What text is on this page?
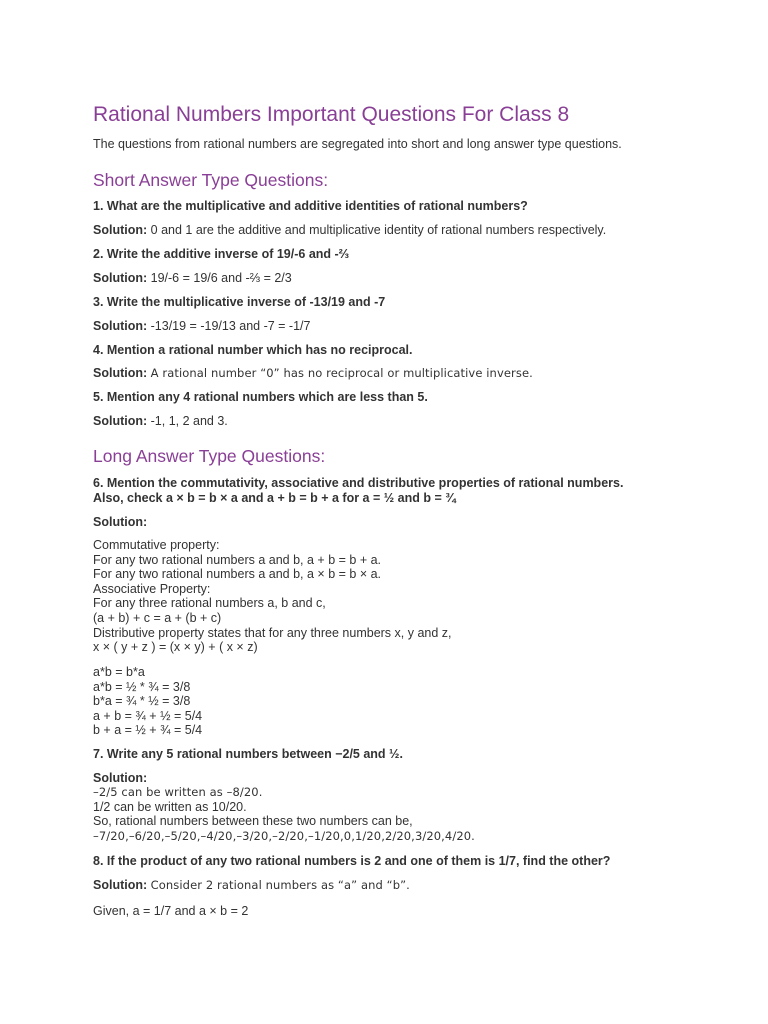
Rational Numbers Important Questions For Class 8
The questions from rational numbers are segregated into short and long answer type questions.
Short Answer Type Questions:
1. What are the multiplicative and additive identities of rational numbers?
Solution: 0 and 1 are the additive and multiplicative identity of rational numbers respectively.
2. Write the additive inverse of 19/-6 and -⅔
Solution: 19/-6 = 19/6 and -⅔ = 2/3
3. Write the multiplicative inverse of -13/19 and -7
Solution: -13/19 = -19/13 and -7 = -1/7
4. Mention a rational number which has no reciprocal.
Solution: A rational number “0” has no reciprocal or multiplicative inverse.
5. Mention any 4 rational numbers which are less than 5.
Solution: -1, 1, 2 and 3.
Long Answer Type Questions:
6. Mention the commutativity, associative and distributive properties of rational numbers.
Also, check a × b = b × a and a + b = b + a for a = ½ and b = ¾
Solution:
Commutative property:
For any two rational numbers a and b, a + b = b + a.
For any two rational numbers a and b, a × b = b × a.
Associative Property:
For any three rational numbers a, b and c,
(a + b) + c = a + (b + c)
Distributive property states that for any three numbers x, y and z,
x × ( y + z ) = (x × y) + ( x × z)
a*b = b*a
a*b = ½ * ¾ = 3/8
b*a = ¾ * ½ = 3/8
a + b = ¾ + ½ = 5/4
b + a = ½ + ¾ = 5/4
7. Write any 5 rational numbers between −2/5 and ½.
Solution:
–2/5 can be written as –8/20.
1/2 can be written as 10/20.
So, rational numbers between these two numbers can be,
–7/20,–6/20,–5/20,–4/20,–3/20,–2/20,–1/20,0,1/20,2/20,3/20,4/20.
8. If the product of any two rational numbers is 2 and one of them is 1/7, find the other?
Solution: Consider 2 rational numbers as “a” and “b”.
Given, a = 1/7 and a × b = 2
